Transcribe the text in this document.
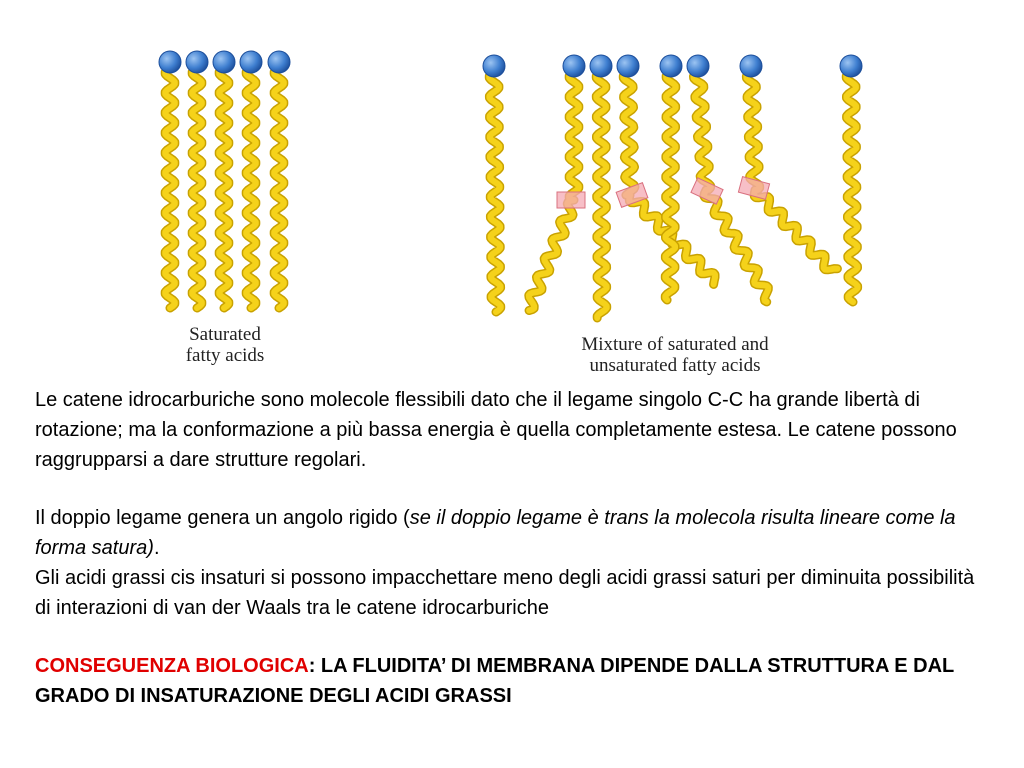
Saturated
fatty acids
Mixture of saturated and
unsaturated fatty acids

Le catene idrocarburiche sono molecole flessibili dato che il legame singolo C-C ha grande libertà di rotazione; ma la conformazione a più bassa energia è quella completamente estesa. Le catene possono raggrupparsi a dare strutture regolari.

Il doppio legame genera un angolo rigido (se il doppio legame è trans la molecola risulta lineare come la forma satura).

Gli acidi grassi cis insaturi si possono impacchettare meno degli acidi grassi saturi per diminuita possibilità di interazioni di van der Waals tra le catene idrocarburiche

CONSEGUENZA BIOLOGICA: LA FLUIDITA’ DI MEMBRANA DIPENDE DALLA STRUTTURA E DAL GRADO DI INSATURAZIONE DEGLI ACIDI GRASSI
